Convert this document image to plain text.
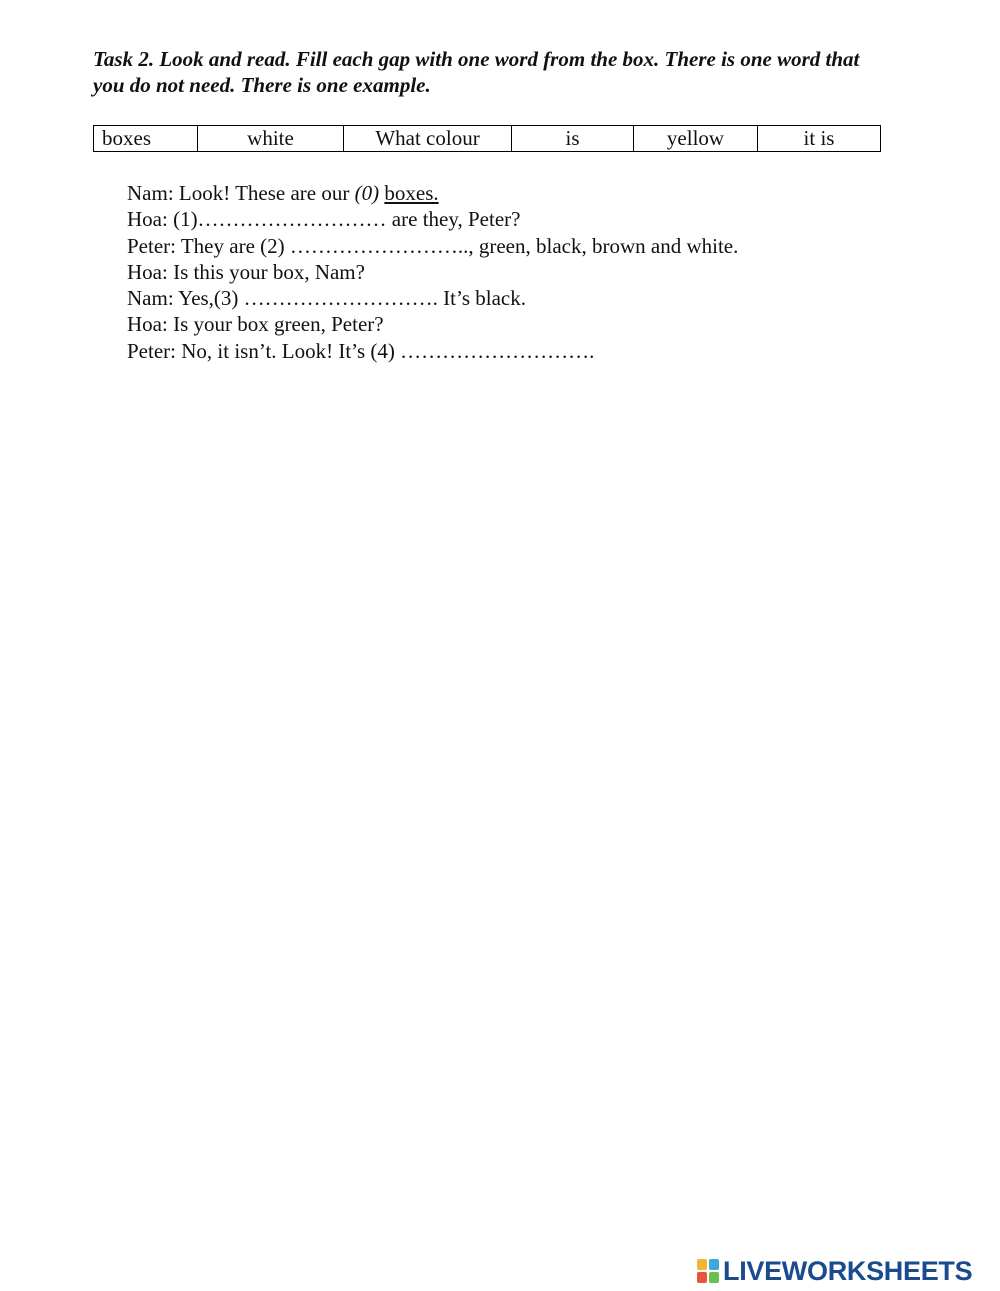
Task 2. Look and read. Fill each gap with one word from the box. There is one word that you do not need. There is one example.
boxes	white	What colour	is	yellow	it is
Nam: Look! These are our (0) boxes.
Hoa: (1)……………………… are they, Peter?
Peter: They are (2) …………………….., green, black, brown and white.
Hoa: Is this your box, Nam?
Nam: Yes,(3) ………………………. It’s black.
Hoa: Is your box green, Peter?
Peter: No, it isn’t. Look! It’s (4) ……………………….
LIVEWORKSHEETS
